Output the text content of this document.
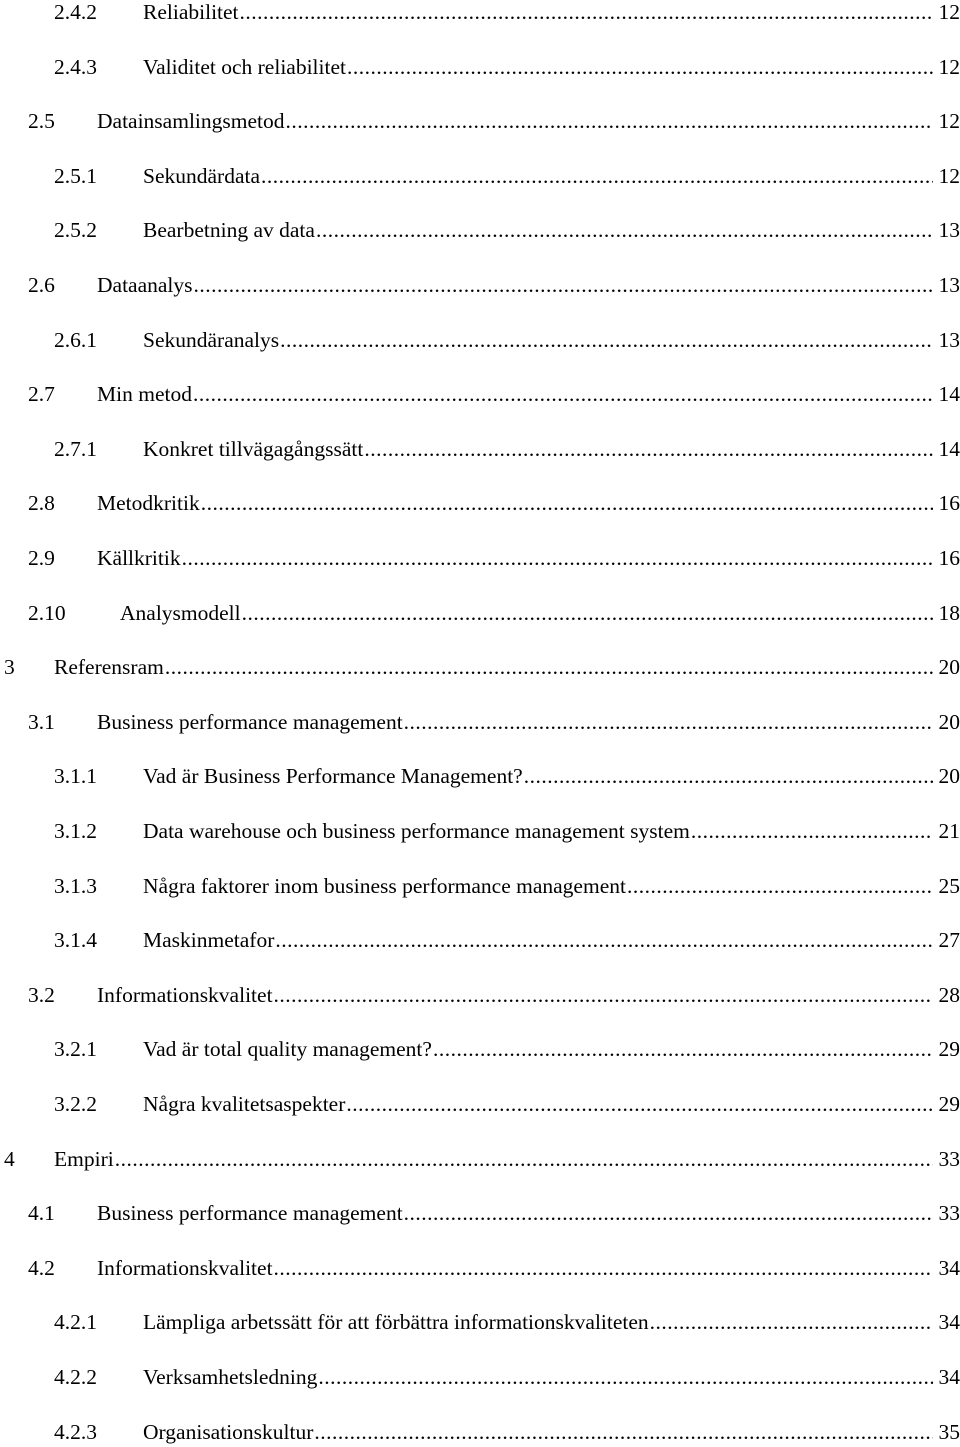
2.4.2 Reliabilitet .....	12
2.4.3 Validitet och reliabilitet .....	12
2.5 Datainsamlingsmetod .....	12
2.5.1 Sekundärdata .....	12
2.5.2 Bearbetning av data .....	13
2.6 Dataanalys .....	13
2.6.1 Sekundäranalys .....	13
2.7 Min metod .....	14
2.7.1 Konkret tillvägagångssätt .....	14
2.8 Metodkritik .....	16
2.9 Källkritik .....	16
2.10	Analysmodell .....	18
3 Referensram .....	20
3.1 Business performance management .....	20
3.1.1 Vad är Business Performance Management? .....	20
3.1.2 Data warehouse och business performance management system .....	21
3.1.3 Några faktorer inom business performance management .....	25
3.1.4 Maskinmetafor .....	27
3.2 Informationskvalitet .....	28
3.2.1 Vad är total quality management? .....	29
3.2.2 Några kvalitetsaspekter .....	29
4 Empiri .....	33
4.1 Business performance management .....	33
4.2 Informationskvalitet .....	34
4.2.1 Lämpliga arbetssätt för att förbättra informationskvaliteten .....	34
4.2.2 Verksamhetsledning .....	34
4.2.3 Organisationskultur .....	35
